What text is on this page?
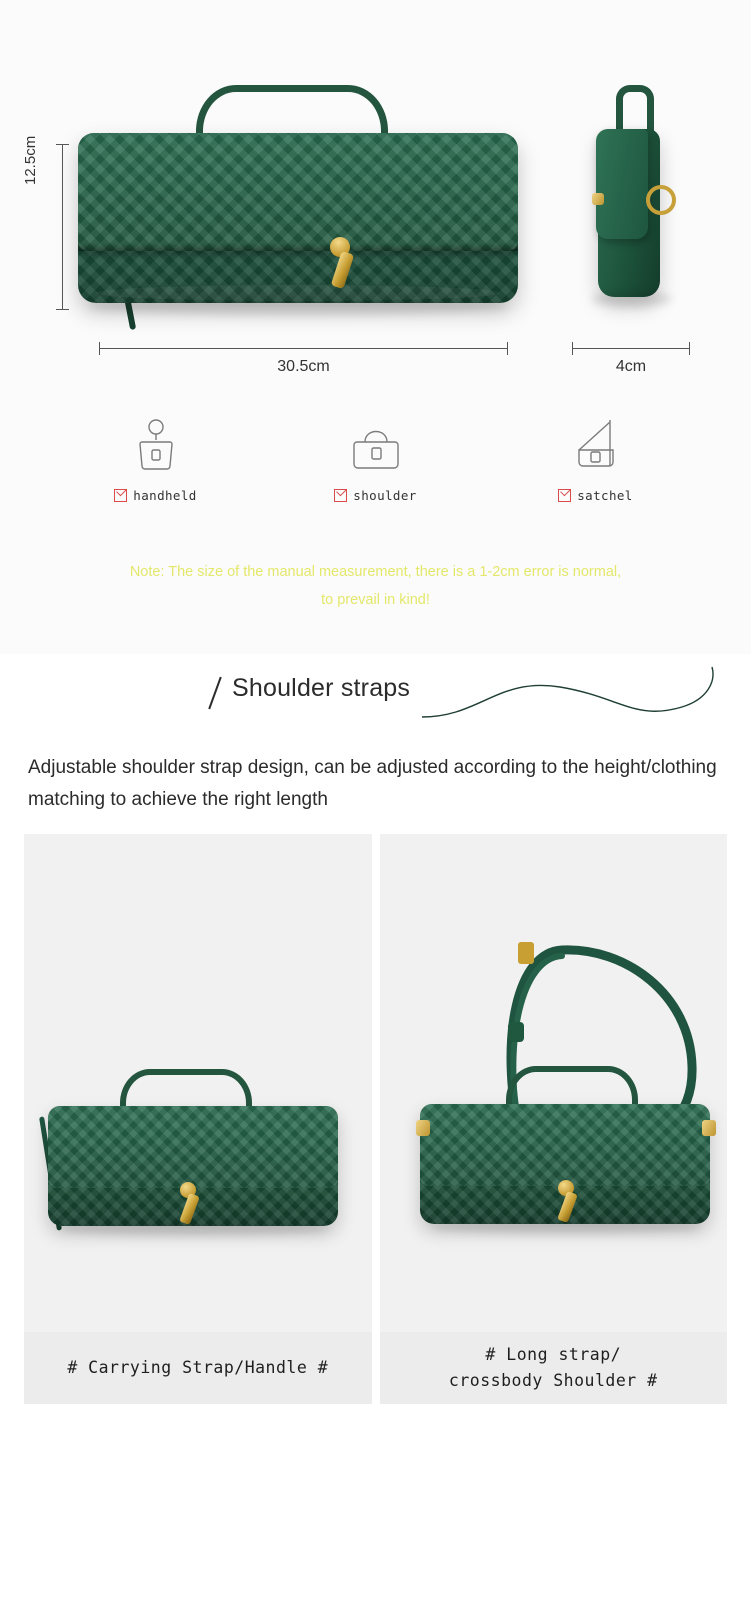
12.5cm
30.5cm	4cm
handheld	shoulder	satchel
Note: The size of the manual measurement, there is a 1-2cm error is normal,
to prevail in kind!
Shoulder straps
Adjustable shoulder strap design, can be adjusted according to the height/clothing matching to achieve the right length
# Carrying Strap/Handle #
# Long strap/
crossbody Shoulder #
